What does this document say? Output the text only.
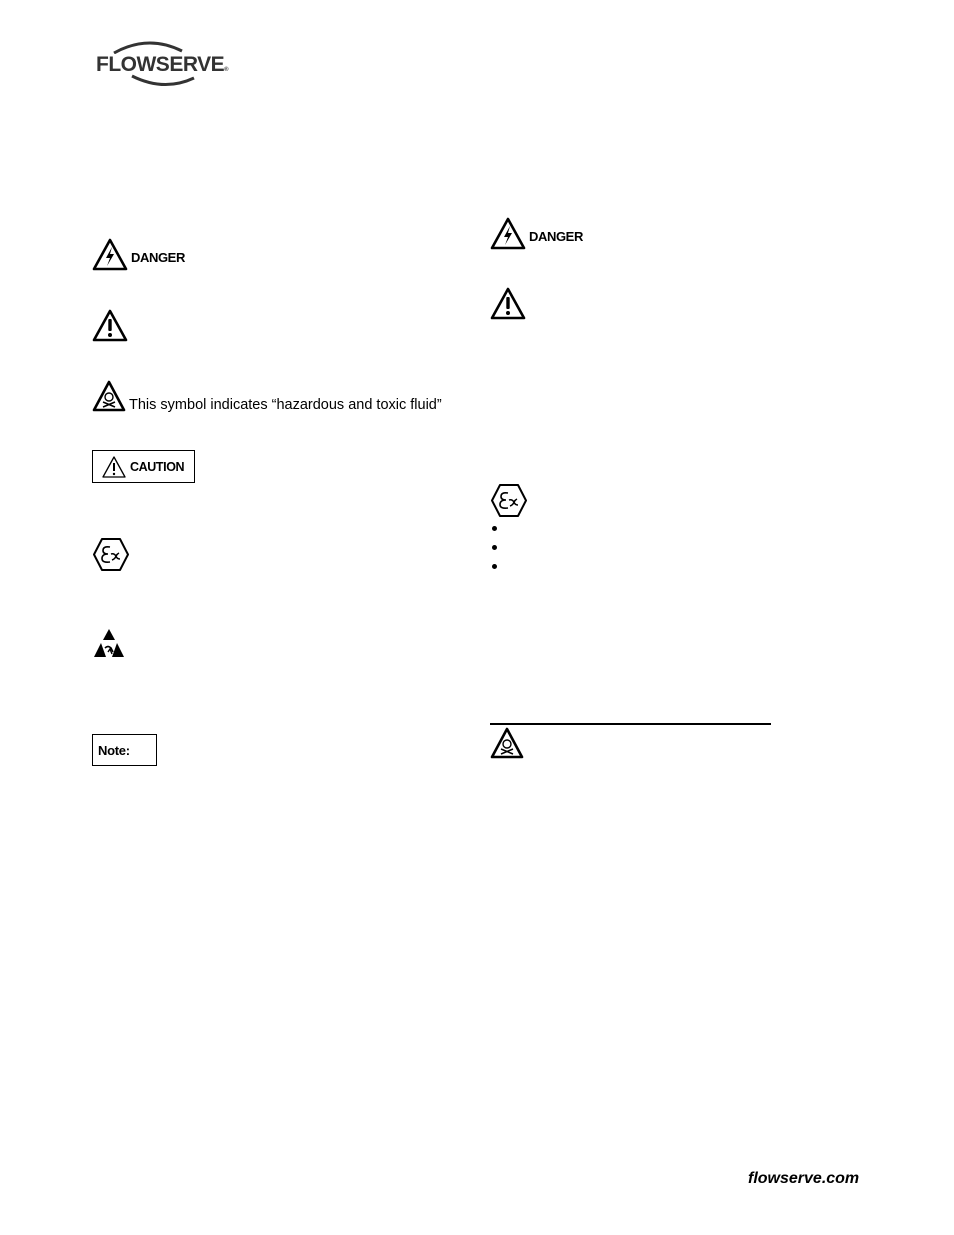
FLOWSERVE®
DANGER
This symbol indicates “hazardous and toxic fluid”
CAUTION
Note:
DANGER
flowserve.com
